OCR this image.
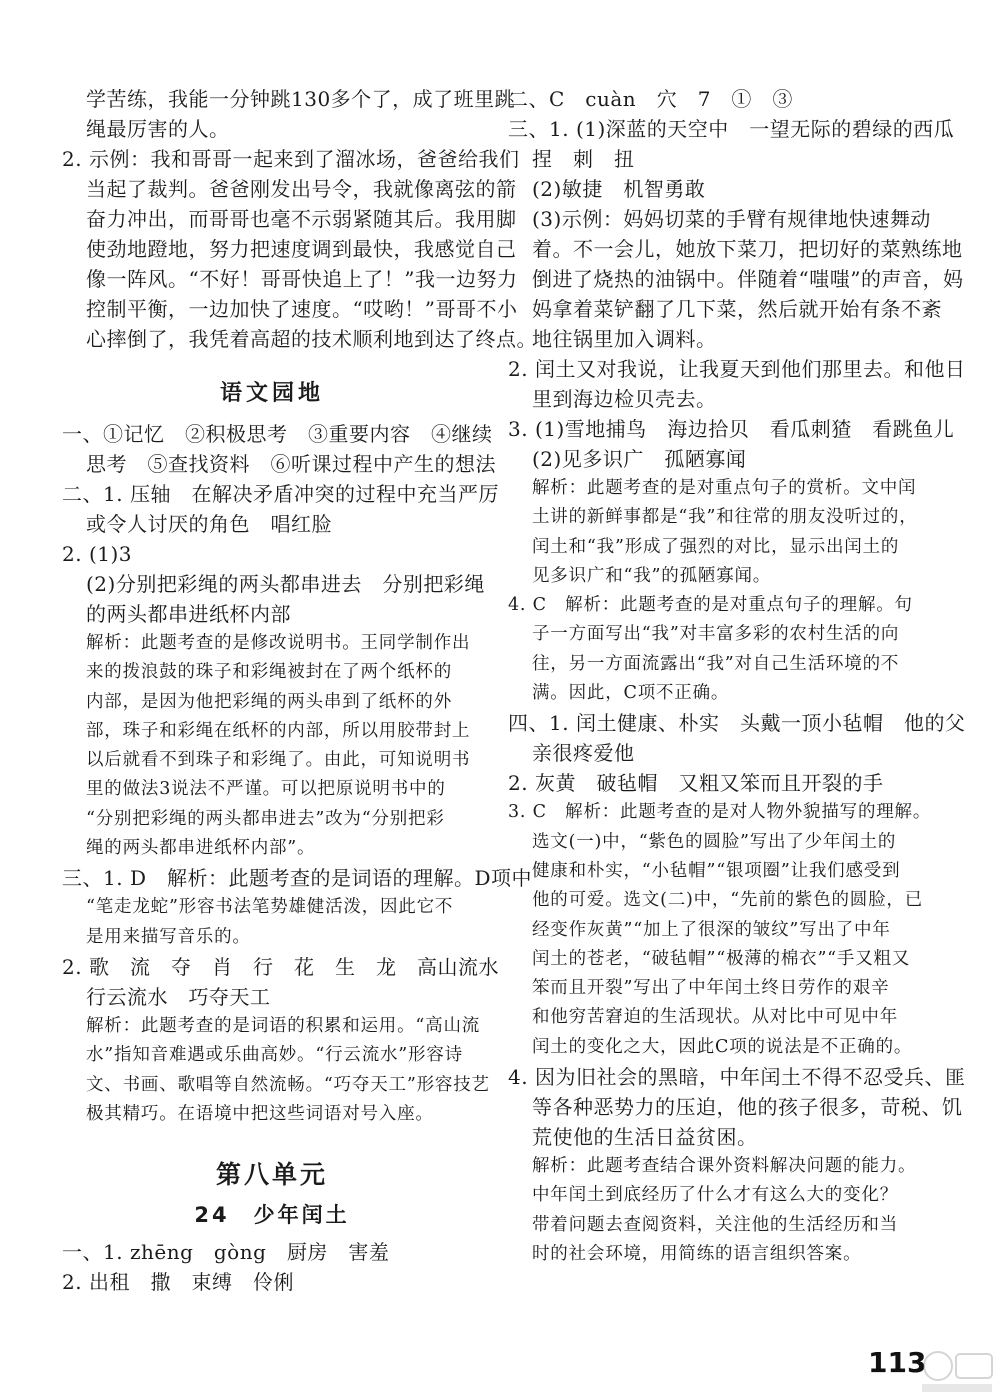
学苦练，我能一分钟跳130多个了，成了班里跳
绳最厉害的人。
2. 示例：我和哥哥一起来到了溜冰场，爸爸给我们
当起了裁判。爸爸刚发出号令，我就像离弦的箭
奋力冲出，而哥哥也毫不示弱紧随其后。我用脚
使劲地蹬地，努力把速度调到最快，我感觉自己
像一阵风。“不好！哥哥快追上了！”我一边努力
控制平衡，一边加快了速度。“哎哟！”哥哥不小
心摔倒了，我凭着高超的技术顺利地到达了终点。
语文园地
一、①记忆　②积极思考　③重要内容　④继续
思考　⑤查找资料　⑥听课过程中产生的想法
二、1. 压轴　在解决矛盾冲突的过程中充当严厉
或令人讨厌的角色　唱红脸
2. (1)3
(2)分别把彩绳的两头都串进去　分别把彩绳
的两头都串进纸杯内部
解析：此题考查的是修改说明书。王同学制作出
来的拨浪鼓的珠子和彩绳被封在了两个纸杯的
内部，是因为他把彩绳的两头串到了纸杯的外
部，珠子和彩绳在纸杯的内部，所以用胶带封上
以后就看不到珠子和彩绳了。由此，可知说明书
里的做法3说法不严谨。可以把原说明书中的
“分别把彩绳的两头都串进去”改为“分别把彩
绳的两头都串进纸杯内部”。
三、1. D　解析：此题考查的是词语的理解。D项中
“笔走龙蛇”形容书法笔势雄健活泼，因此它不
是用来描写音乐的。
2. 歌　流　夺　肖　行　花　生　龙　高山流水
行云流水　巧夺天工
解析：此题考查的是词语的积累和运用。“高山流
水”指知音难遇或乐曲高妙。“行云流水”形容诗
文、书画、歌唱等自然流畅。“巧夺天工”形容技艺
极其精巧。在语境中把这些词语对号入座。
第八单元
24　少年闰土
一、1. zhēng　gòng　厨房　害羞
2. 出租　撒　束缚　伶俐
二、C　cuàn　穴　7　①　③
三、1. (1)深蓝的天空中　一望无际的碧绿的西瓜
捏　刺　扭
(2)敏捷　机智勇敢
(3)示例：妈妈切菜的手臂有规律地快速舞动
着。不一会儿，她放下菜刀，把切好的菜熟练地
倒进了烧热的油锅中。伴随着“嗤嗤”的声音，妈
妈拿着菜铲翻了几下菜，然后就开始有条不紊
地往锅里加入调料。
2. 闰土又对我说，让我夏天到他们那里去。和他日
里到海边检贝壳去。
3. (1)雪地捕鸟　海边拾贝　看瓜刺猹　看跳鱼儿
(2)见多识广　孤陋寡闻
解析：此题考查的是对重点句子的赏析。文中闰
土讲的新鲜事都是“我”和往常的朋友没听过的，
闰土和“我”形成了强烈的对比，显示出闰土的
见多识广和“我”的孤陋寡闻。
4. C　解析：此题考查的是对重点句子的理解。句
子一方面写出“我”对丰富多彩的农村生活的向
往，另一方面流露出“我”对自己生活环境的不
满。因此，C项不正确。
四、1. 闰土健康、朴实　头戴一顶小毡帽　他的父
亲很疼爱他
2. 灰黄　破毡帽　又粗又笨而且开裂的手
3. C　解析：此题考查的是对人物外貌描写的理解。
选文(一)中，“紫色的圆脸”写出了少年闰土的
健康和朴实，“小毡帽”“银项圈”让我们感受到
他的可爱。选文(二)中，“先前的紫色的圆脸，已
经变作灰黄”“加上了很深的皱纹”写出了中年
闰土的苍老，“破毡帽”“极薄的棉衣”“手又粗又
笨而且开裂”写出了中年闰土终日劳作的艰辛
和他穷苦窘迫的生活现状。从对比中可见中年
闰土的变化之大，因此C项的说法是不正确的。
4. 因为旧社会的黑暗，中年闰土不得不忍受兵、匪
等各种恶势力的压迫，他的孩子很多，苛税、饥
荒使他的生活日益贫困。
解析：此题考查结合课外资料解决问题的能力。
中年闰土到底经历了什么才有这么大的变化？
带着问题去查阅资料，关注他的生活经历和当
时的社会环境，用简练的语言组织答案。
113
